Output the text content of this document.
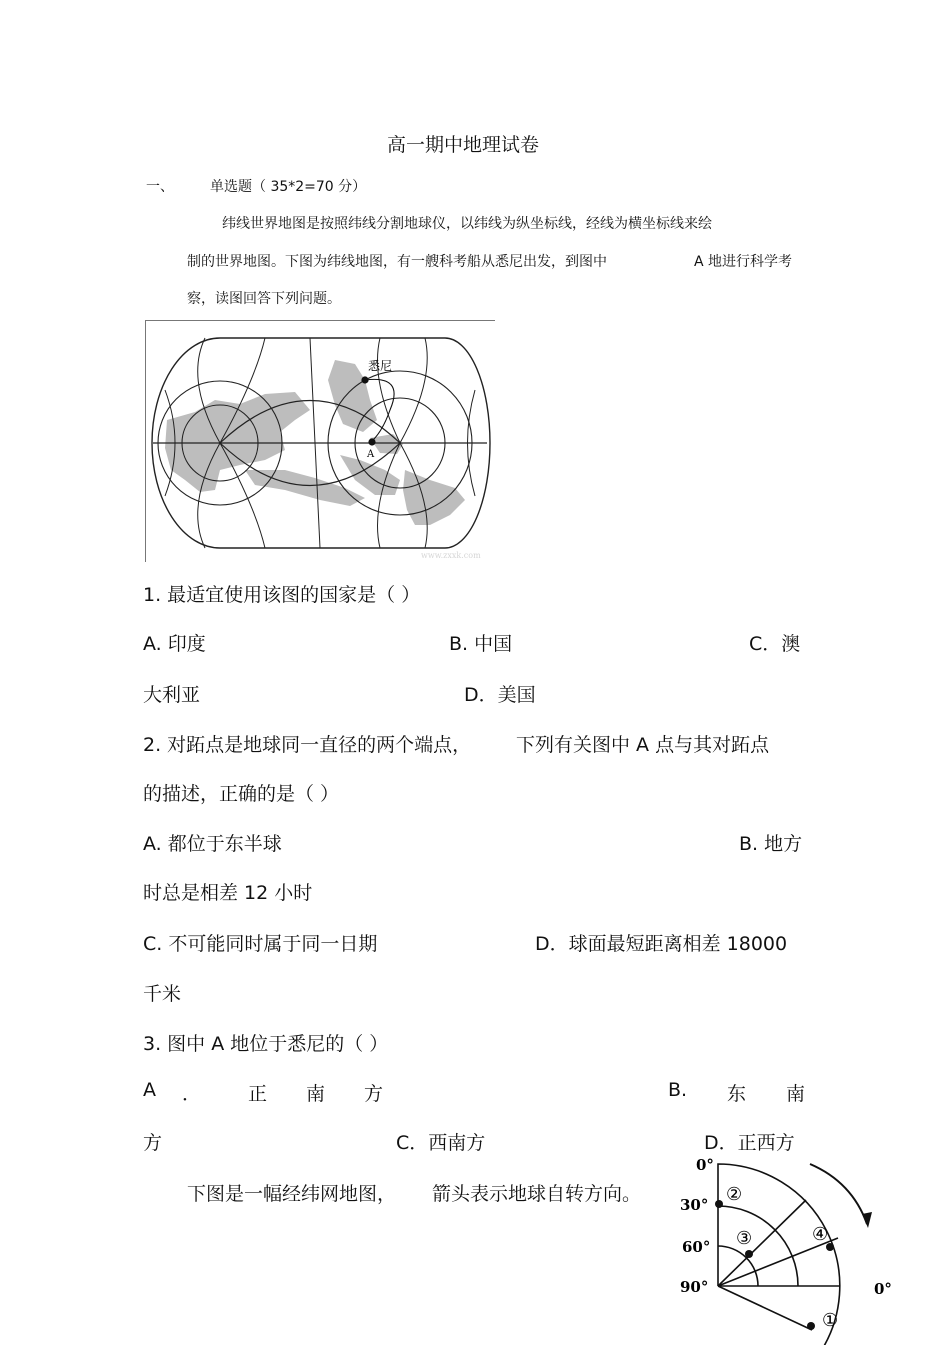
高一期中地理试卷
一、	单选题（ 35*2=70 分）
纬线世界地图是按照纬线分割地球仪，以纬线为纵坐标线，经线为横坐标线来绘
制的世界地图。下图为纬线地图，有一艘科考船从悉尼出发，到图中	A 地进行科学考
察，读图回答下列问题。
悉尼
A
www.zxxk.com
1. 最适宜使用该图的国家是（ ）
A. 印度	B. 中国	C．澳
大利亚	D．美国
2. 对跖点是地球同一直径的两个端点， 下列有关图中 A 点与其对跖点
的描述，正确的是（ ）
A. 都位于东半球	B. 地方
时总是相差 12 小时
C. 不可能同时属于同一日期	D．球面最短距离相差 18000
千米
3. 图中 A 地位于悉尼的（ ）
A ． 正 南 方	B. 东 南
方	C．西南方	D．正西方
下图是一幅经纬网地图， 箭头表示地球自转方向。
0°
30°
60°
90°	0°
②
③	④
①
